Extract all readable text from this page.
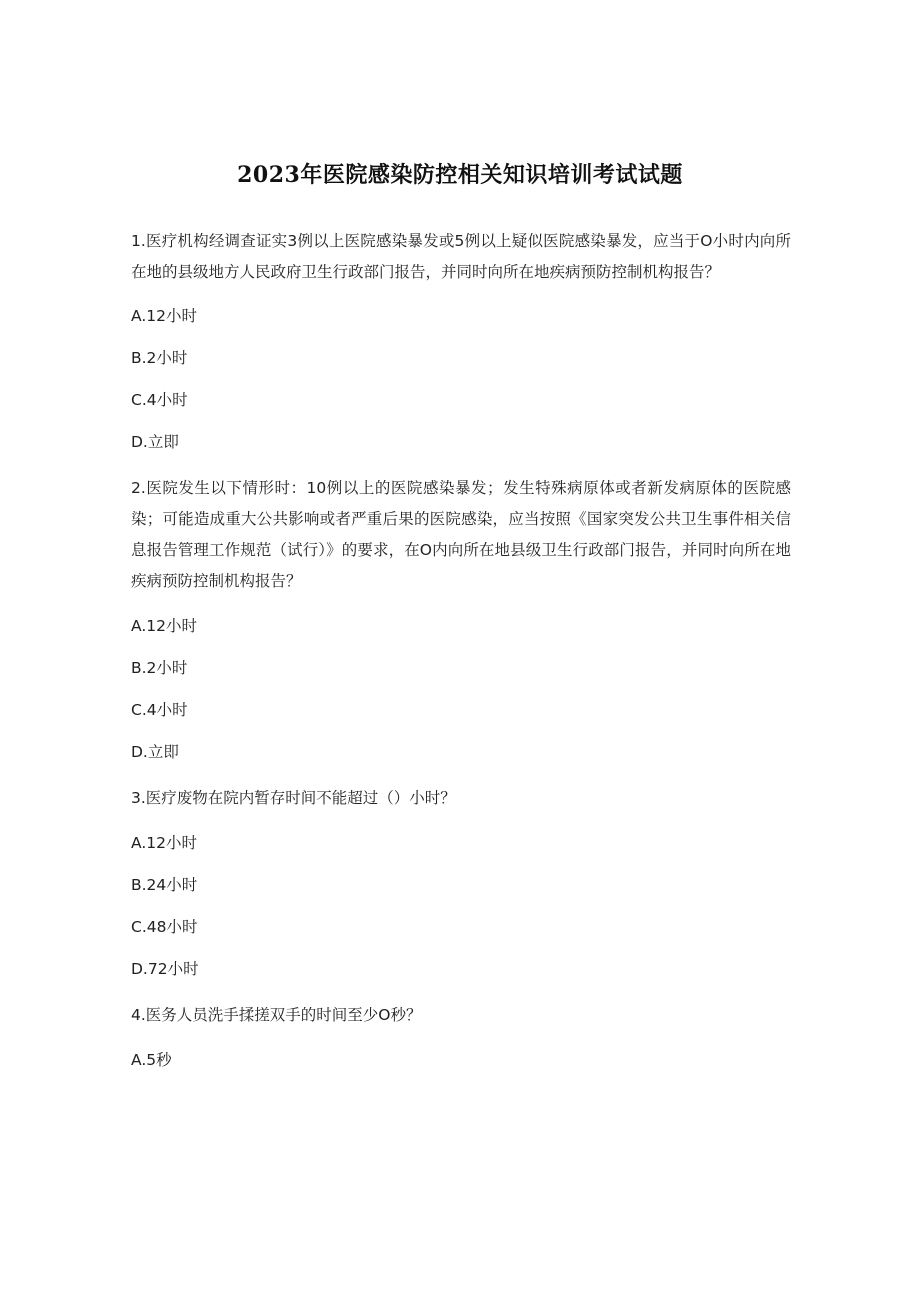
2023年医院感染防控相关知识培训考试试题

1.医疗机构经调查证实3例以上医院感染暴发或5例以上疑似医院感染暴发，应当于O小时内向所在地的县级地方人民政府卫生行政部门报告，并同时向所在地疾病预防控制机构报告？

A.12小时

B.2小时

C.4小时

D.立即

2.医院发生以下情形时：10例以上的医院感染暴发；发生特殊病原体或者新发病原体的医院感染；可能造成重大公共影响或者严重后果的医院感染，应当按照《国家突发公共卫生事件相关信息报告管理工作规范（试行）》的要求，在O内向所在地县级卫生行政部门报告，并同时向所在地疾病预防控制机构报告？

A.12小时

B.2小时

C.4小时

D.立即

3.医疗废物在院内暂存时间不能超过（）小时？

A.12小时

B.24小时

C.48小时

D.72小时

4.医务人员洗手揉搓双手的时间至少O秒？

A.5秒
